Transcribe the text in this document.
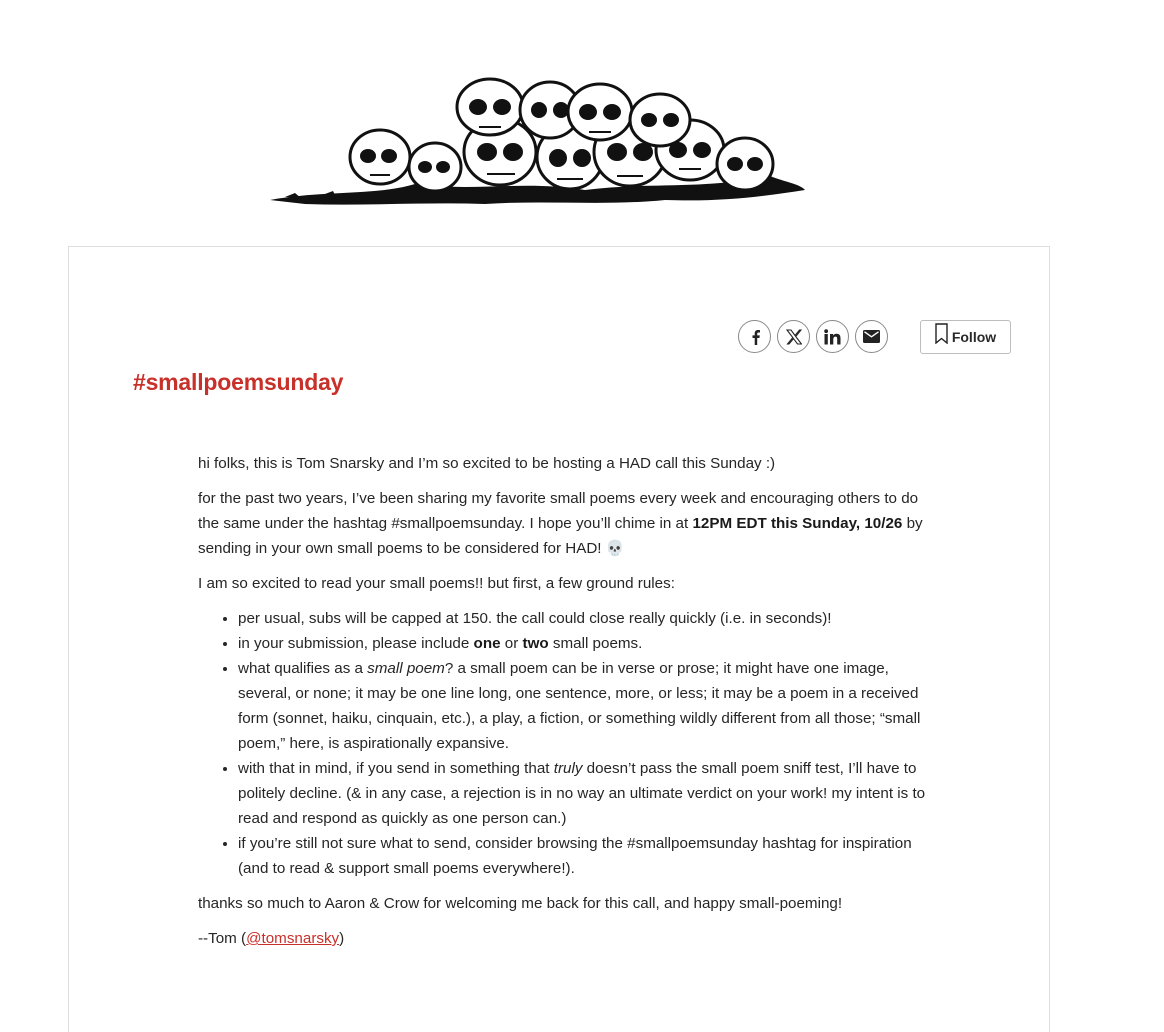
Follow
#smallpoemsunday

hi folks, this is Tom Snarsky and I’m so excited to be hosting a HAD call this Sunday :)

for the past two years, I’ve been sharing my favorite small poems every week and encouraging others to do the same under the hashtag #smallpoemsunday. I hope you’ll chime in at 12PM EDT this Sunday, 10/26 by sending in your own small poems to be considered for HAD! 💀

I am so excited to read your small poems!! but first, a few ground rules:

• per usual, subs will be capped at 150. the call could close really quickly (i.e. in seconds)!
• in your submission, please include one or two small poems.
• what qualifies as a small poem? a small poem can be in verse or prose; it might have one image, several, or none; it may be one line long, one sentence, more, or less; it may be a poem in a received form (sonnet, haiku, cinquain, etc.), a play, a fiction, or something wildly different from all those; “small poem,” here, is aspirationally expansive.
• with that in mind, if you send in something that truly doesn’t pass the small poem sniff test, I’ll have to politely decline. (& in any case, a rejection is in no way an ultimate verdict on your work! my intent is to read and respond as quickly as one person can.)
• if you’re still not sure what to send, consider browsing the #smallpoemsunday hashtag for inspiration (and to read & support small poems everywhere!).

thanks so much to Aaron & Crow for welcoming me back for this call, and happy small-poeming!

--Tom (@tomsnarsky)
